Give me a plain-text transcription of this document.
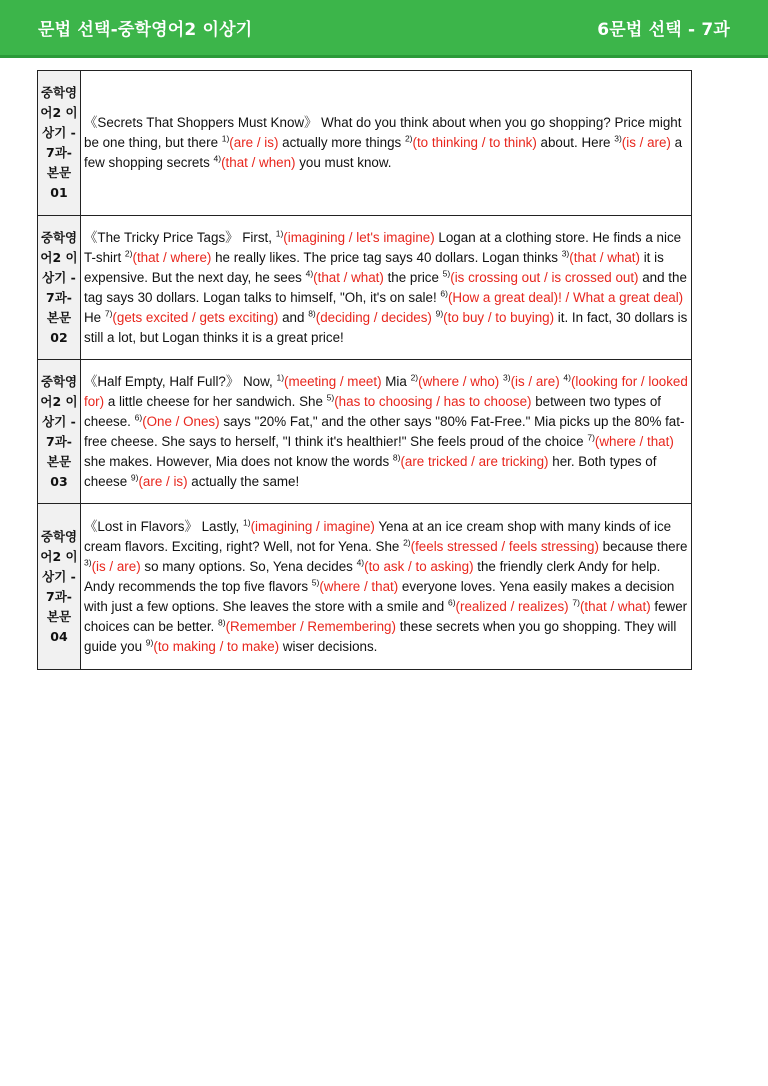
문법 선택-중학영어2 이상기	6문법 선택 - 7과
중학영어2 이상기 - 7과-본문 01	《Secrets That Shoppers Must Know》 What do you think about when you go shopping? Price might be one thing, but there $^{1)}$(are / is) actually more things $^{2)}$(to thinking / to think) about. Here $^{3)}$(is / are) a few shopping secrets $^{4)}$(that / when) you must know.
중학영어2 이상기 - 7과-본문 02	《The Tricky Price Tags》 First, $^{1)}$(imagining / let's imagine) Logan at a clothing store. He finds a nice T-shirt $^{2)}$(that / where) he really likes. The price tag says 40 dollars. Logan thinks $^{3)}$(that / what) it is expensive. But the next day, he sees $^{4)}$(that / what) the price $^{5)}$(is crossing out / is crossed out) and the tag says 30 dollars. Logan talks to himself, "Oh, it's on sale! $^{6)}$(How a great deal)! / What a great deal) He $^{7)}$(gets excited / gets exciting) and $^{8)}$(deciding / decides) $^{9)}$(to buy / to buying) it. In fact, 30 dollars is still a lot, but Logan thinks it is a great price!
중학영어2 이상기 - 7과-본문 03	《Half Empty, Half Full?》 Now, $^{1)}$(meeting / meet) Mia $^{2)}$(where / who) $^{3)}$(is / are) $^{4)}$(looking for / looked for) a little cheese for her sandwich. She $^{5)}$(has to choosing / has to choose) between two types of cheese. $^{6)}$(One / Ones) says "20% Fat," and the other says "80% Fat-Free." Mia picks up the 80% fat-free cheese. She says to herself, "I think it's healthier!" She feels proud of the choice $^{7)}$(where / that) she makes. However, Mia does not know the words $^{8)}$(are tricked / are tricking) her. Both types of cheese $^{9)}$(are / is) actually the same!
중학영어2 이상기 - 7과-본문 04	《Lost in Flavors》 Lastly, $^{1)}$(imagining / imagine) Yena at an ice cream shop with many kinds of ice cream flavors. Exciting, right? Well, not for Yena. She $^{2)}$(feels stressed / feels stressing) because there $^{3)}$(is / are) so many options. So, Yena decides $^{4)}$(to ask / to asking) the friendly clerk Andy for help. Andy recommends the top five flavors $^{5)}$(where / that) everyone loves. Yena easily makes a decision with just a few options. She leaves the store with a smile and $^{6)}$(realized / realizes) $^{7)}$(that / what) fewer choices can be better. $^{8)}$(Remember / Remembering) these secrets when you go shopping. They will guide you $^{9)}$(to making / to make) wiser decisions.
